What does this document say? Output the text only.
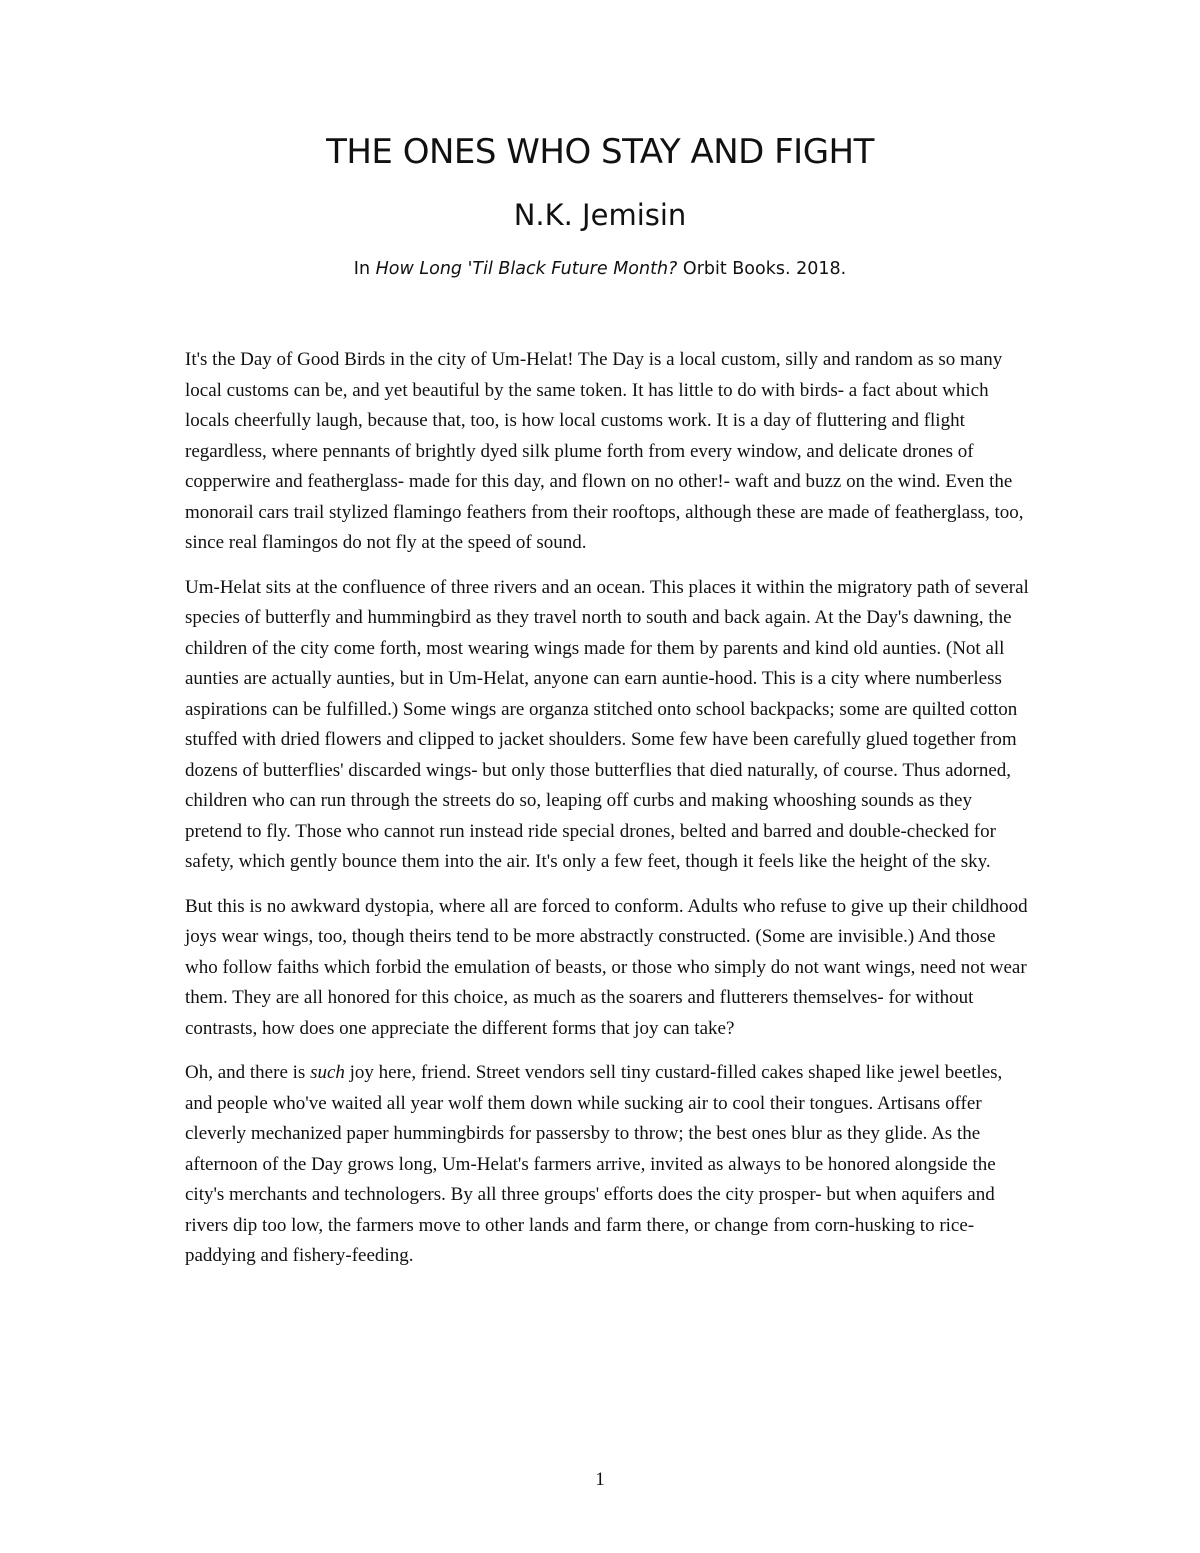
THE ONES WHO STAY AND FIGHT
N.K. Jemisin
In How Long 'Til Black Future Month? Orbit Books. 2018.

It's the Day of Good Birds in the city of Um-Helat! The Day is a local custom, silly and random as so many local customs can be, and yet beautiful by the same token. It has little to do with birds- a fact about which locals cheerfully laugh, because that, too, is how local customs work. It is a day of fluttering and flight regardless, where pennants of brightly dyed silk plume forth from every window, and delicate drones of copperwire and featherglass- made for this day, and flown on no other!- waft and buzz on the wind. Even the monorail cars trail stylized flamingo feathers from their rooftops, although these are made of featherglass, too, since real flamingos do not fly at the speed of sound.

Um-Helat sits at the confluence of three rivers and an ocean. This places it within the migratory path of several species of butterfly and hummingbird as they travel north to south and back again. At the Day's dawning, the children of the city come forth, most wearing wings made for them by parents and kind old aunties. (Not all aunties are actually aunties, but in Um-Helat, anyone can earn auntie-hood. This is a city where numberless aspirations can be fulfilled.) Some wings are organza stitched onto school backpacks; some are quilted cotton stuffed with dried flowers and clipped to jacket shoulders. Some few have been carefully glued together from dozens of butterflies' discarded wings- but only those butterflies that died naturally, of course. Thus adorned, children who can run through the streets do so, leaping off curbs and making whooshing sounds as they pretend to fly. Those who cannot run instead ride special drones, belted and barred and double-checked for safety, which gently bounce them into the air. It's only a few feet, though it feels like the height of the sky.

But this is no awkward dystopia, where all are forced to conform. Adults who refuse to give up their childhood joys wear wings, too, though theirs tend to be more abstractly constructed. (Some are invisible.) And those who follow faiths which forbid the emulation of beasts, or those who simply do not want wings, need not wear them. They are all honored for this choice, as much as the soarers and flutterers themselves- for without contrasts, how does one appreciate the different forms that joy can take?

Oh, and there is such joy here, friend. Street vendors sell tiny custard-filled cakes shaped like jewel beetles, and people who've waited all year wolf them down while sucking air to cool their tongues. Artisans offer cleverly mechanized paper hummingbirds for passersby to throw; the best ones blur as they glide. As the afternoon of the Day grows long, Um-Helat's farmers arrive, invited as always to be honored alongside the city's merchants and technologers. By all three groups' efforts does the city prosper- but when aquifers and rivers dip too low, the farmers move to other lands and farm there, or change from corn-husking to rice-paddying and fishery-feeding.

1
